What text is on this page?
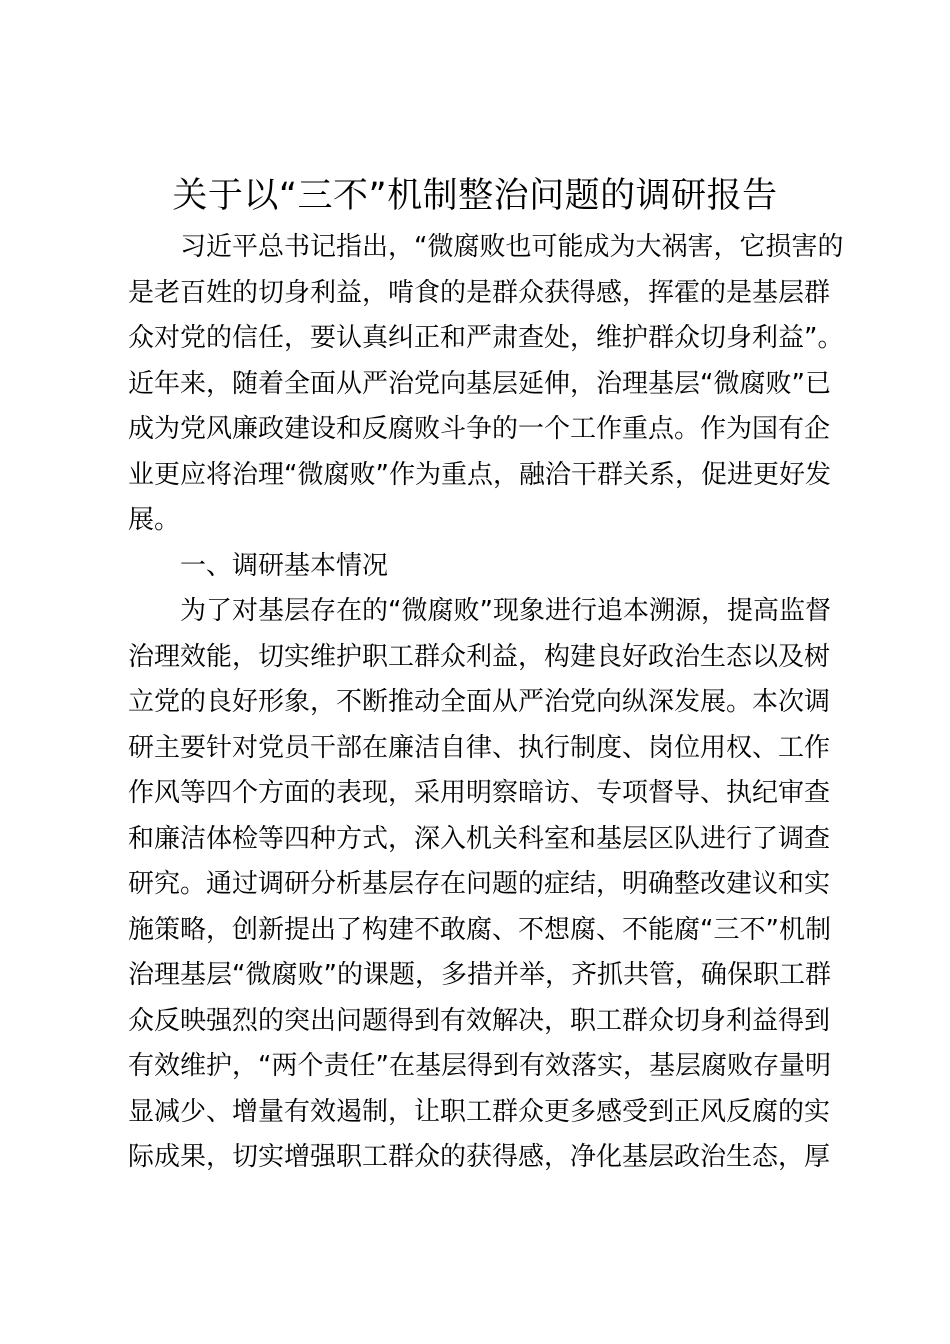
关于以“三不”机制整治问题的调研报告
习近平总书记指出，“微腐败也可能成为大祸害，它损害的
是老百姓的切身利益，啃食的是群众获得感，挥霍的是基层群
众对党的信任，要认真纠正和严肃查处，维护群众切身利益”。
近年来，随着全面从严治党向基层延伸，治理基层“微腐败”已
成为党风廉政建设和反腐败斗争的一个工作重点。作为国有企
业更应将治理“微腐败”作为重点，融洽干群关系，促进更好发
展。
一、调研基本情况
为了对基层存在的“微腐败”现象进行追本溯源，提高监督
治理效能，切实维护职工群众利益，构建良好政治生态以及树
立党的良好形象，不断推动全面从严治党向纵深发展。本次调
研主要针对党员干部在廉洁自律、执行制度、岗位用权、工作
作风等四个方面的表现，采用明察暗访、专项督导、执纪审查
和廉洁体检等四种方式，深入机关科室和基层区队进行了调查
研究。通过调研分析基层存在问题的症结，明确整改建议和实
施策略，创新提出了构建不敢腐、不想腐、不能腐“三不”机制
治理基层“微腐败”的课题，多措并举，齐抓共管，确保职工群
众反映强烈的突出问题得到有效解决，职工群众切身利益得到
有效维护，“两个责任”在基层得到有效落实，基层腐败存量明
显减少、增量有效遏制，让职工群众更多感受到正风反腐的实
际成果，切实增强职工群众的获得感，净化基层政治生态，厚
